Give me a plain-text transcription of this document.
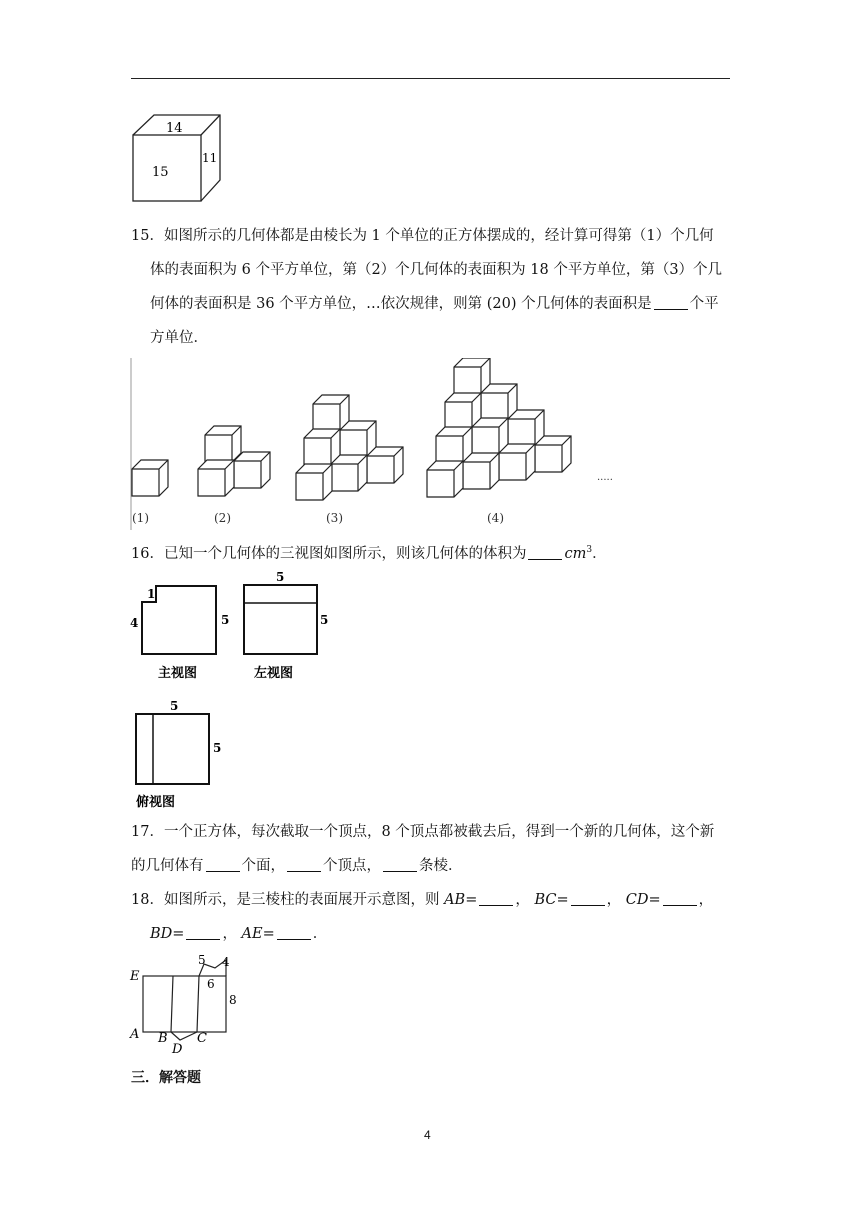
14
15
11
15．如图所示的几何体都是由棱长为 1 个单位的正方体摆成的，经计算可得第（1）个几何
体的表面积为 6 个平方单位，第（2）个几何体的表面积为 18 个平方单位，第（3）个几
何体的表面积是 36 个平方单位，…依次规律，则第 (20) 个几何体的表面积是	个平
方单位．
(1)	(2)	(3)	(4)
.....
16．已知一个几何体的三视图如图所示，则该几何体的体积为	$cm^3$．
1
4	5
主视图
5
5
左视图
5
5
俯视图
17．一个正方体，每次截取一个顶点，8 个顶点都被截去后，得到一个新的几何体，这个新
的几何体有	个面，	个顶点，	条棱．
18．如图所示，是三棱柱的表面展开示意图，则 AB=	， BC=	， CD=	，
BD=	， AE=	．
E
A B C
D
5 4
6
8
三．解答题
4
